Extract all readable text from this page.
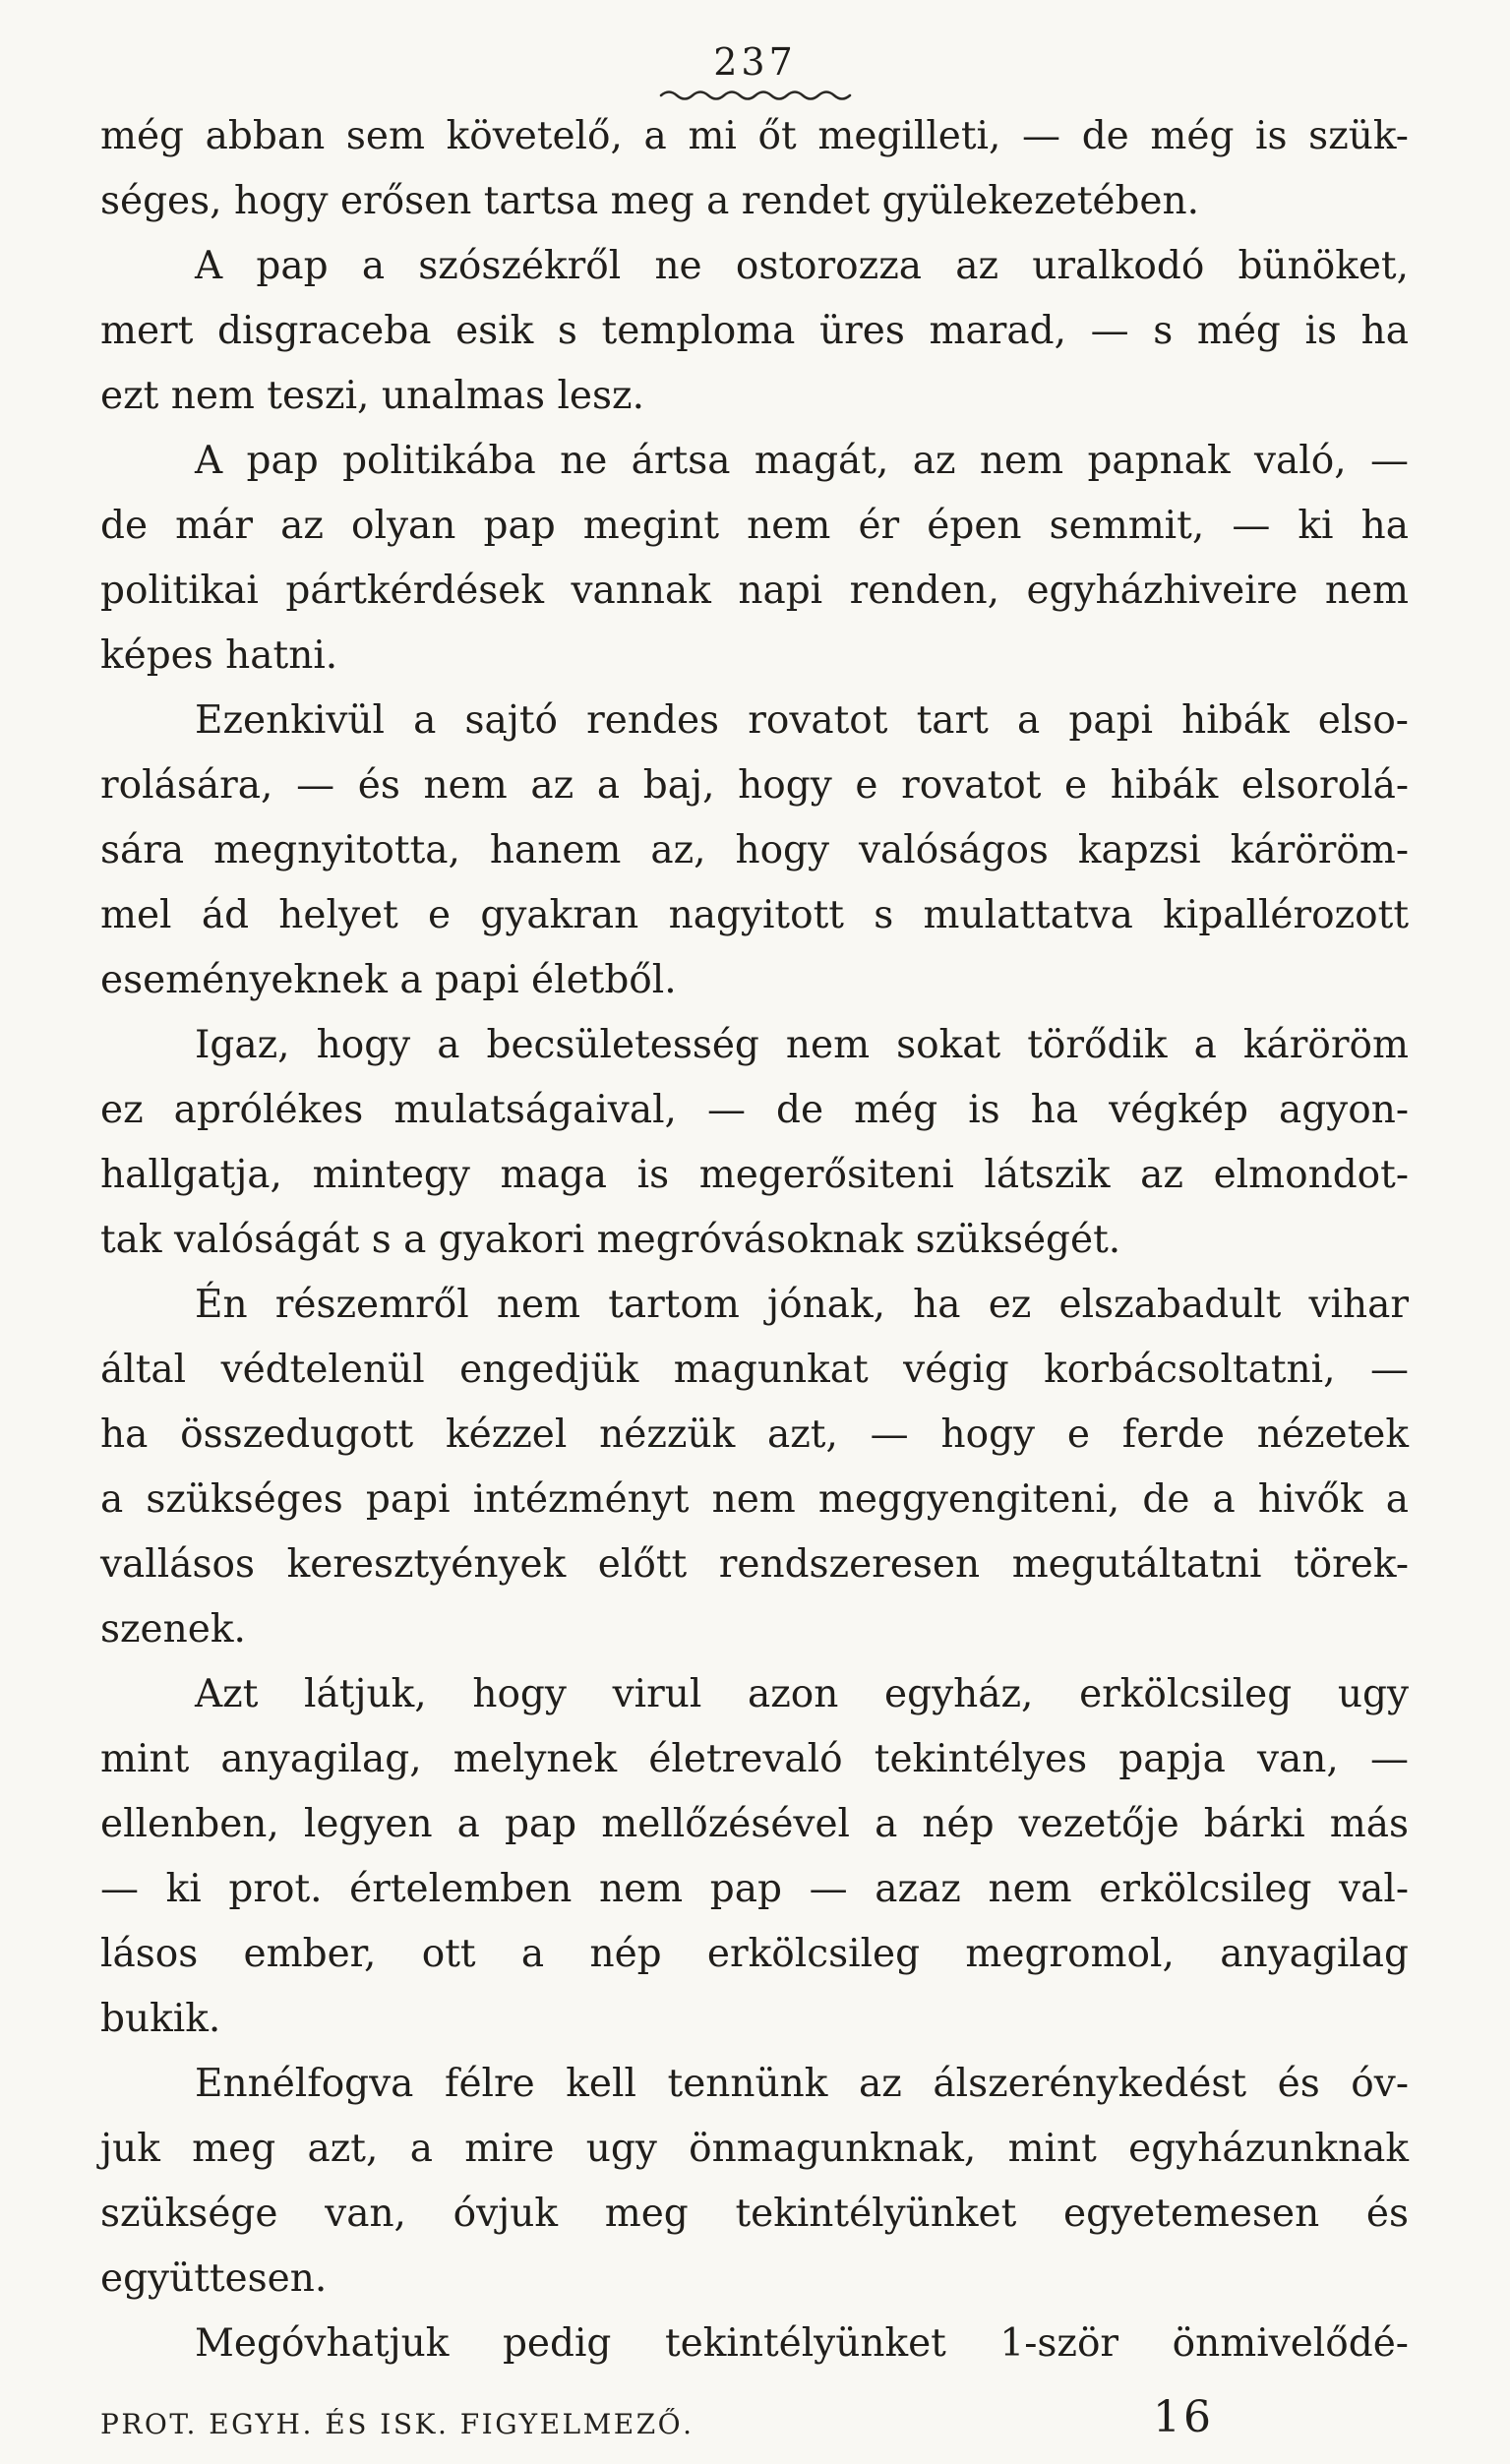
237
még abban sem követelő, a mi őt megilleti, — de még is szük-
séges, hogy erősen tartsa meg a rendet gyülekezetében.
A pap a szószékről ne ostorozza az uralkodó bünöket,
mert disgraceba esik s temploma üres marad, — s még is ha
ezt nem teszi, unalmas lesz.
A pap politikába ne ártsa magát, az nem papnak való, —
de már az olyan pap megint nem ér épen semmit, — ki ha
politikai pártkérdések vannak napi renden, egyházhiveire nem
képes hatni.
Ezenkivül a sajtó rendes rovatot tart a papi hibák elso-
rolására, — és nem az a baj, hogy e rovatot e hibák elsorolá-
sára megnyitotta, hanem az, hogy valóságos kapzsi káröröm-
mel ád helyet e gyakran nagyitott s mulattatva kipallérozott
eseményeknek a papi életből.
Igaz, hogy a becsületesség nem sokat törődik a káröröm
ez aprólékes mulatságaival, — de még is ha végkép agyon-
hallgatja, mintegy maga is megerősiteni látszik az elmondot-
tak valóságát s a gyakori megróvásoknak szükségét.
Én részemről nem tartom jónak, ha ez elszabadult vihar
által védtelenül engedjük magunkat végig korbácsoltatni, —
ha összedugott kézzel nézzük azt, — hogy e ferde nézetek
a szükséges papi intézményt nem meggyengiteni, de a hivők a
vallásos keresztyények előtt rendszeresen megutáltatni törek-
szenek.
Azt látjuk, hogy virul azon egyház, erkölcsileg ugy
mint anyagilag, melynek életrevaló tekintélyes papja van, —
ellenben, legyen a pap mellőzésével a nép vezetője bárki más
— ki prot. értelemben nem pap — azaz nem erkölcsileg val-
lásos ember, ott a nép erkölcsileg megromol, anyagilag
bukik.
Ennélfogva félre kell tennünk az álszerénykedést és óv-
juk meg azt, a mire ugy önmagunknak, mint egyházunknak
szüksége van, óvjuk meg tekintélyünket egyetemesen és
együttesen.
Megóvhatjuk pedig tekintélyünket 1-ször önmivelődé-
PROT. EGYH. ÉS ISK. FIGYELMEZŐ.	16
